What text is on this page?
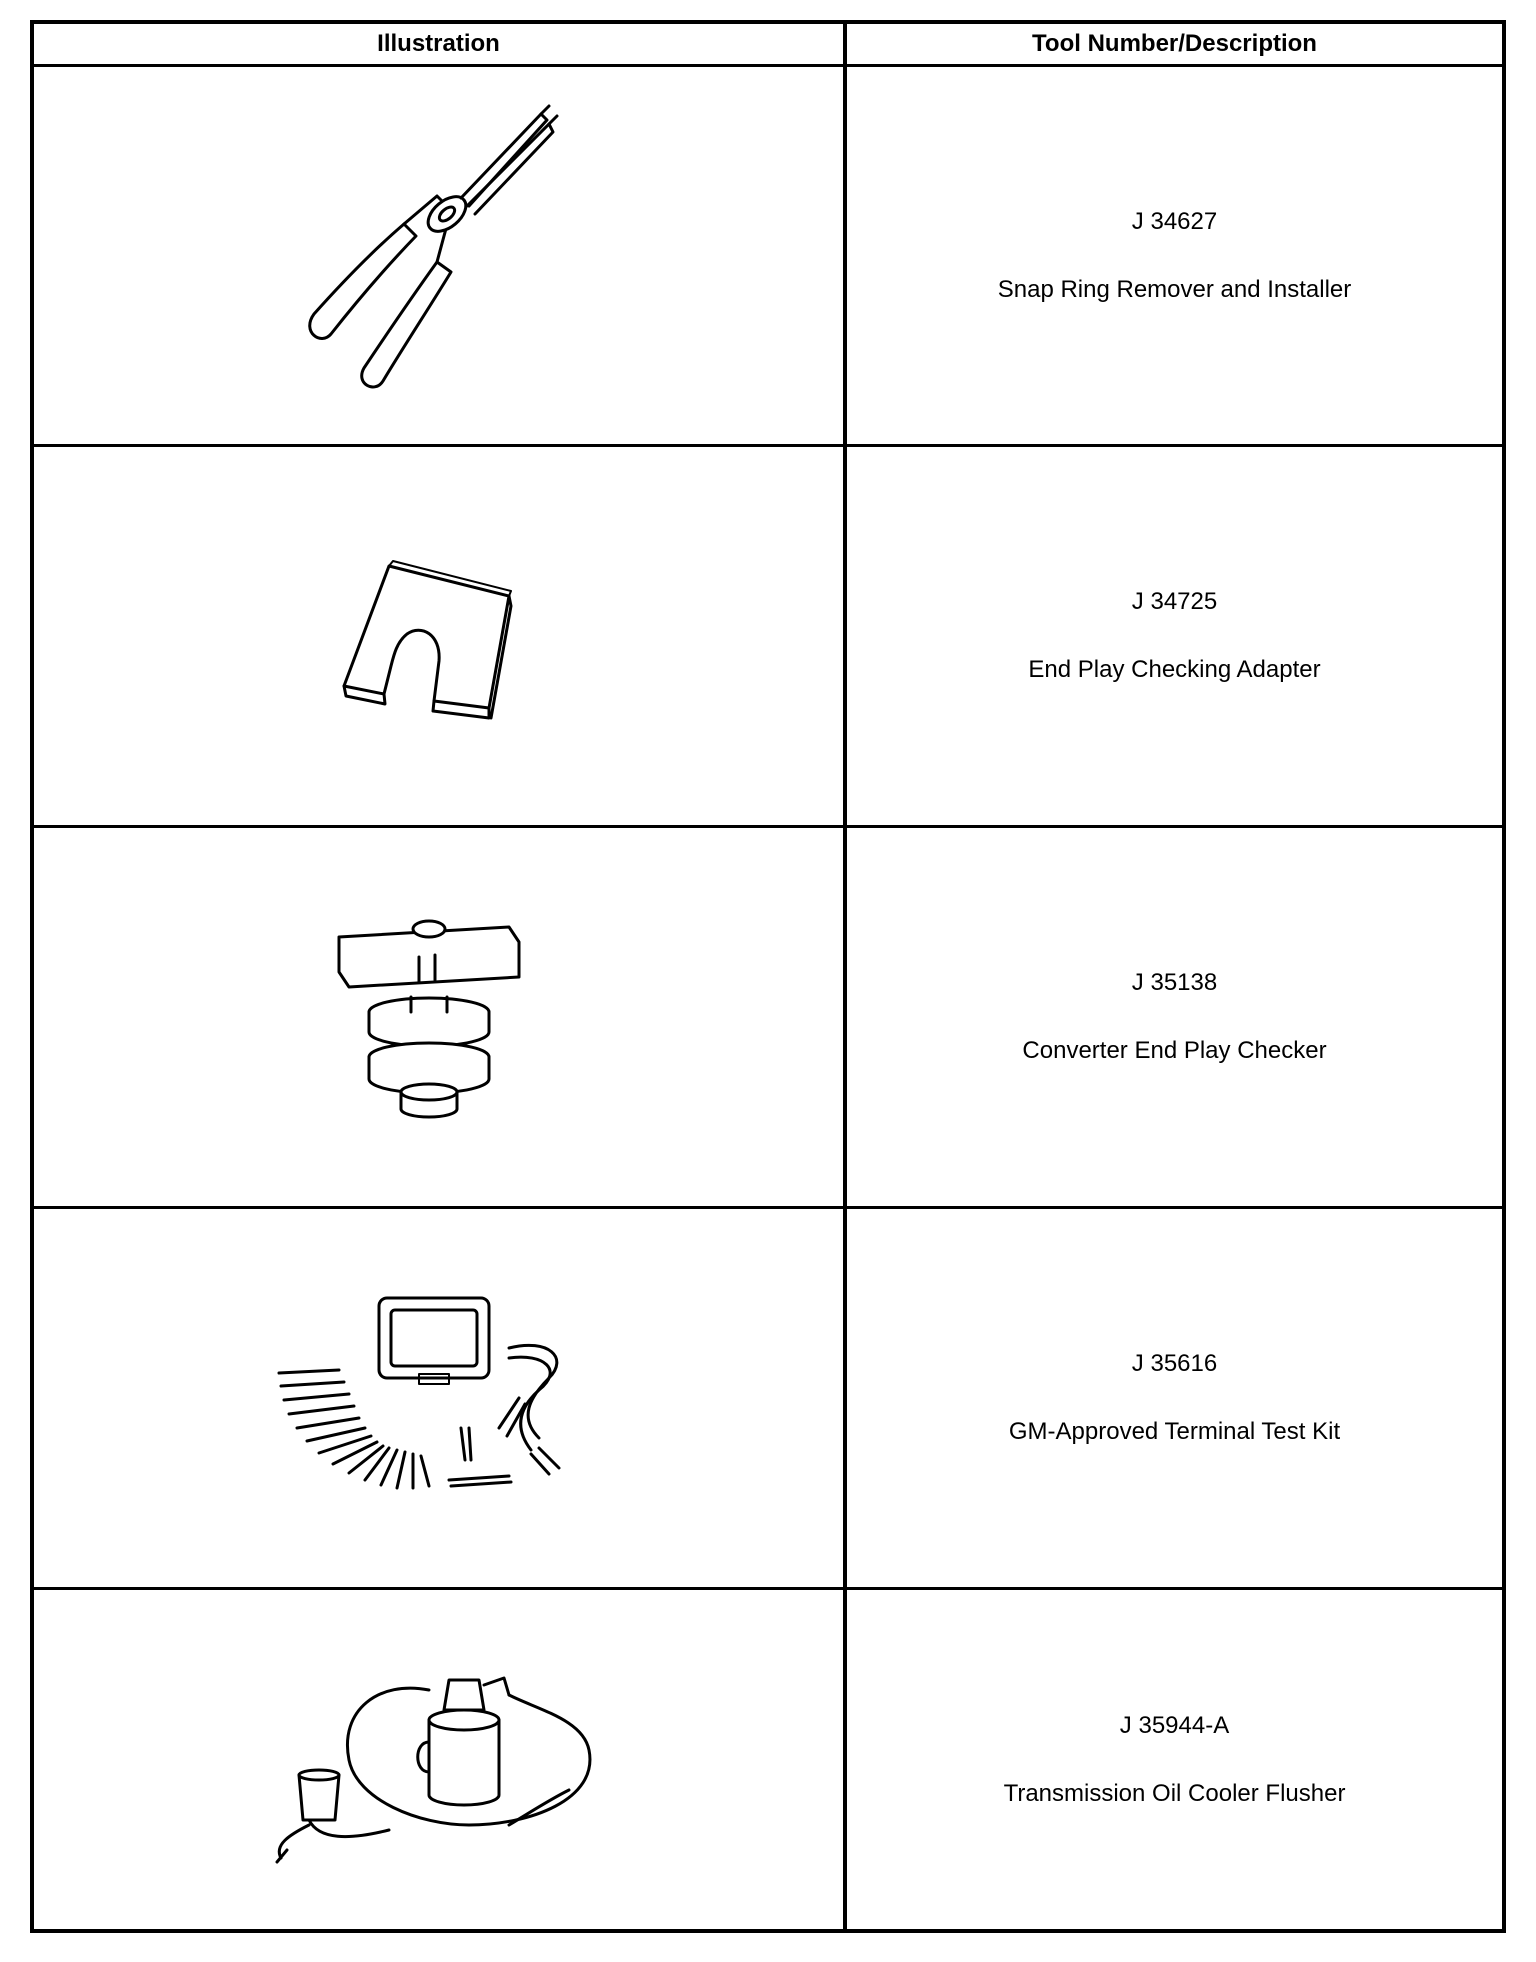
Illustration	Tool Number/Description
J 34627
Snap Ring Remover and Installer
J 34725
End Play Checking Adapter
J 35138
Converter End Play Checker
J 35616
GM-Approved Terminal Test Kit
J 35944-A
Transmission Oil Cooler Flusher
